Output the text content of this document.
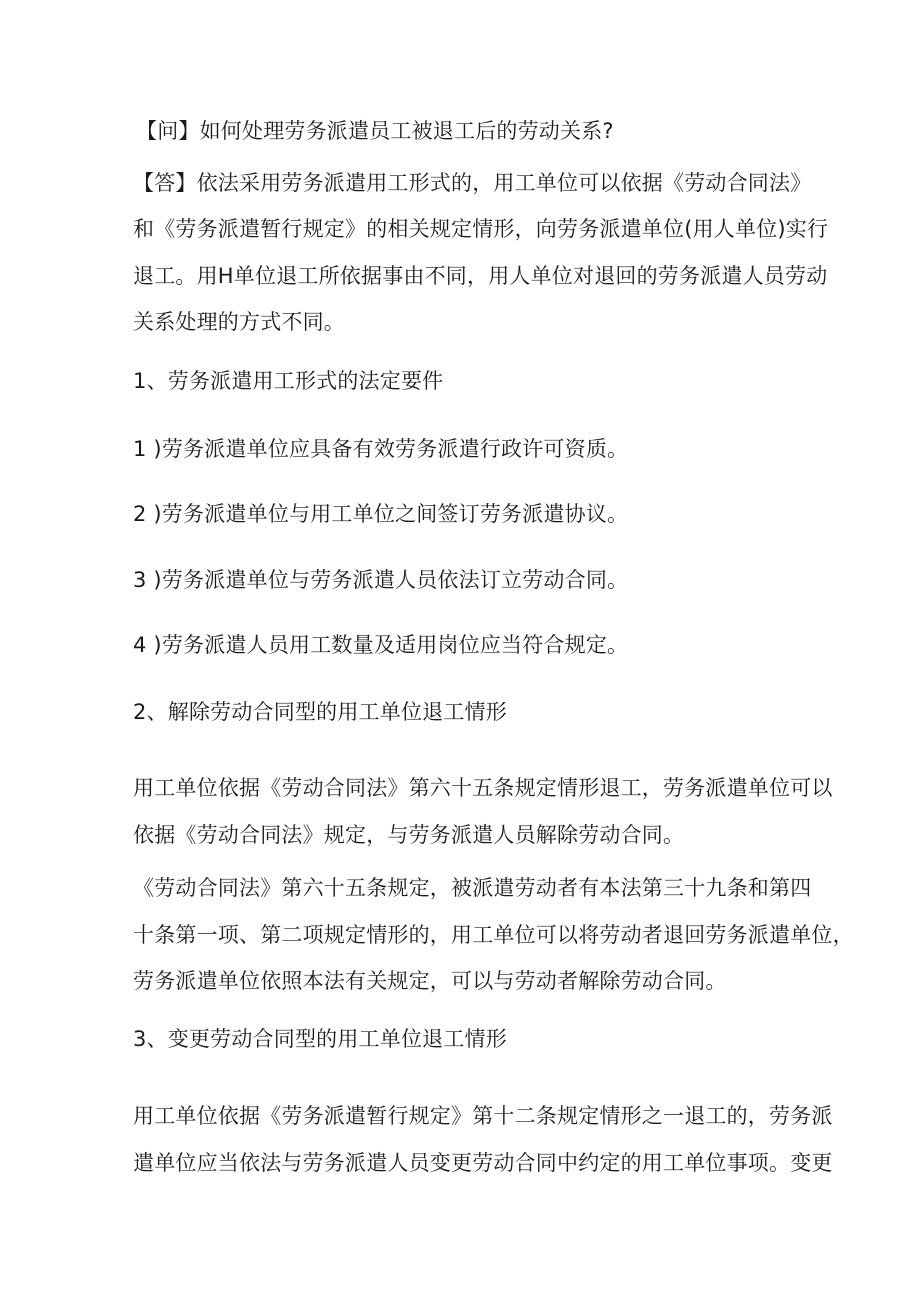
【问】如何处理劳务派遣员工被退工后的劳动关系?
【答】依法采用劳务派遣用工形式的，用工单位可以依据《劳动合同法》
和《劳务派遣暂行规定》的相关规定情形，向劳务派遣单位(用人单位)实行
退工。用H单位退工所依据事由不同，用人单位对退回的劳务派遣人员劳动
关系处理的方式不同。
1、劳务派遣用工形式的法定要件
1 )劳务派遣单位应具备有效劳务派遣行政许可资质。
2 )劳务派遣单位与用工单位之间签订劳务派遣协议。
3 )劳务派遣单位与劳务派遣人员依法订立劳动合同。
4 )劳务派遣人员用工数量及适用岗位应当符合规定。
2、解除劳动合同型的用工单位退工情形
用工单位依据《劳动合同法》第六十五条规定情形退工，劳务派遣单位可以
依据《劳动合同法》规定，与劳务派遣人员解除劳动合同。
《劳动合同法》第六十五条规定，被派遣劳动者有本法第三十九条和第四
十条第一项、第二项规定情形的，用工单位可以将劳动者退回劳务派遣单位，
劳务派遣单位依照本法有关规定，可以与劳动者解除劳动合同。
3、变更劳动合同型的用工单位退工情形
用工单位依据《劳务派遣暂行规定》第十二条规定情形之一退工的，劳务派
遣单位应当依法与劳务派遣人员变更劳动合同中约定的用工单位事项。变更
